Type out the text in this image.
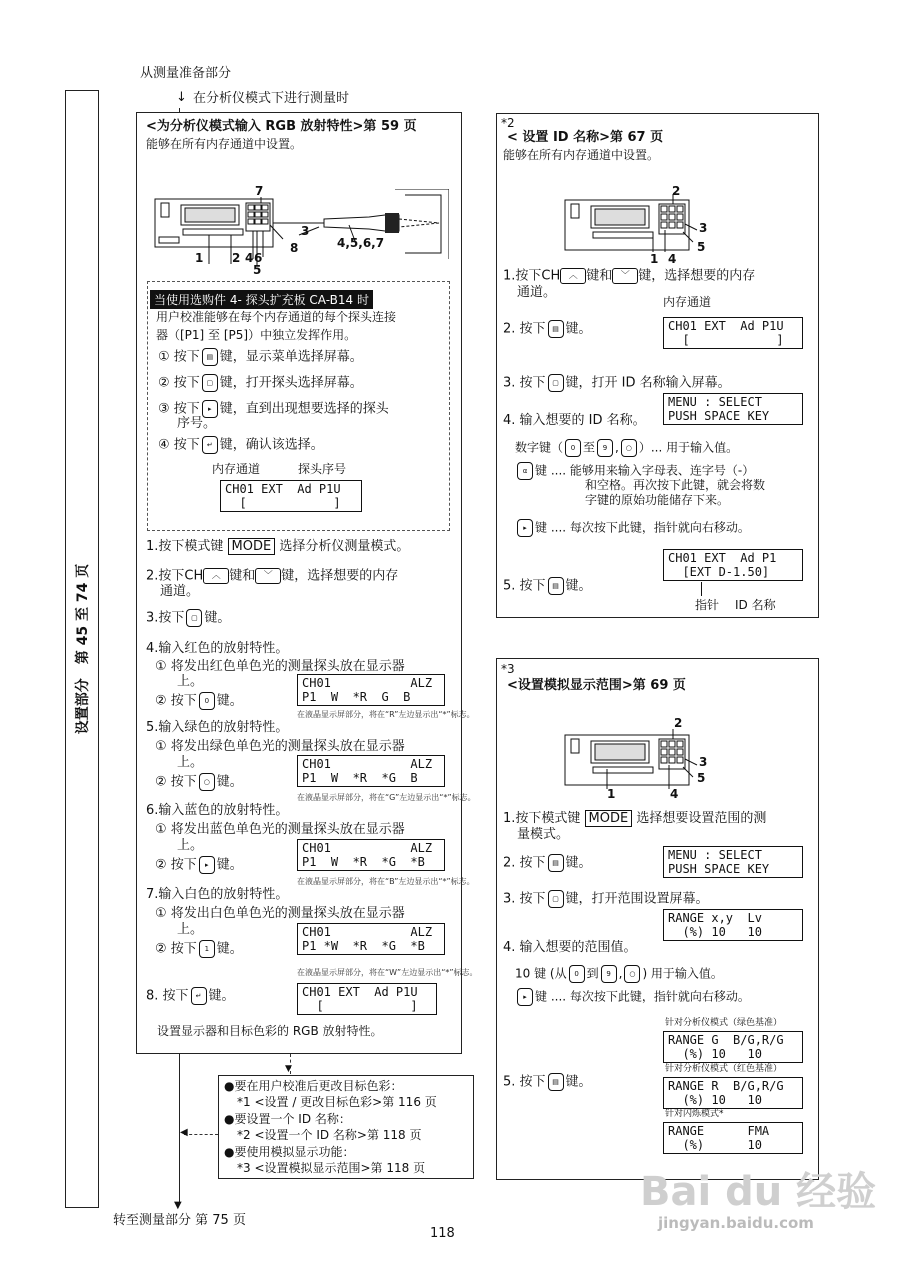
从测量准备部分
↓ 在分析仪模式下进行测量时
设置部分　第 45 至 74 页
▼
<为分析仪模式输入 RGB 放射特性>第 59 页
能够在所有内存通道中设置。
1 2 4 6
5
7
3
8	4,5,6,7
当使用选购件 4- 探头扩充板 CA-B14 时
用户校准能够在每个内存通道的每个探头连接
器（[P1] 至 [P5]）中独立发挥作用。
① 按下 ▤ 键，显示菜单选择屏幕。
② 按下 ▢ 键，打开探头选择屏幕。
③ 按下 ▸ 键，直到出现想要选择的探头
序号。
④ 按下 ↵ 键，确认该选择。
内存通道	探头序号
CH01 EXT  Ad P1U
[            ]
1.按下模式键 MODE 选择分析仪测量模式。
2.按下CH ︿ 键和 ﹀ 键，选择想要的内存
通道。
3.按下 ▢ 键。
4.输入红色的放射特性。
① 将发出红色单色光的测量探头放在显示器
上。
② 按下 0 键。
CH01           ALZ
P1  W  *R  G  B
在液晶显示屏部分，将在“R”左边显示出“*”标志。
5.输入绿色的放射特性。
① 将发出绿色单色光的测量探头放在显示器
上。
② 按下 ○ 键。
CH01           ALZ
P1  W  *R  *G  B
在液晶显示屏部分，将在“G”左边显示出“*”标志。
6.输入蓝色的放射特性。
① 将发出蓝色单色光的测量探头放在显示器
上。
② 按下 ▸ 键。
CH01           ALZ
P1  W  *R  *G  *B
在液晶显示屏部分，将在“B”左边显示出“*”标志。
7.输入白色的放射特性。
① 将发出白色单色光的测量探头放在显示器
上。
② 按下 1 键。
CH01           ALZ
P1 *W  *R  *G  *B
在液晶显示屏部分，将在“W”左边显示出“*”标志。
8. 按下 ↵ 键。	CH01 EXT  Ad P1U
[            ]
设置显示器和目标色彩的 RGB 放射特性。
▼
●要在用户校准后更改目标色彩：
*1 <设置 / 更改目标色彩>第 116 页
●要设置一个 ID 名称：
*2 <设置一个 ID 名称>第 118 页
●要使用模拟显示功能：
*3 <设置模拟显示范围>第 118 页
◀
转至测量部分 第 75 页
118
*2
< 设置 ID 名称>第 67 页
能够在所有内存通道中设置。
2
3
1 4
5
1.按下CH ︿ 键和 ﹀ 键，选择想要的内存
通道。
内存通道
2. 按下 ▤ 键。	CH01 EXT  Ad P1U
[            ]
3. 按下 ▢ 键，打开 ID 名称输入屏幕。
4. 输入想要的 ID 名称。
MENU : SELECT
PUSH SPACE KEY
数字键（ 0 至 9 , ○ ）... 用于输入值。
α 键 .... 能够用来输入字母表、连字号（-）
和空格。再次按下此键，就会将数
字键的原始功能储存下来。
▸ 键 .... 每次按下此键，指针就向右移动。
CH01 EXT  Ad P1
[EXT D-1.50]
5. 按下 ▤ 键。
指针 ID 名称
*3
<设置模拟显示范围>第 69 页
2
3
1	4
5
1.按下模式键 MODE 选择想要设置范围的测
量模式。
2. 按下 ▤ 键。
MENU : SELECT
PUSH SPACE KEY
3. 按下 ▢ 键，打开范围设置屏幕。
RANGE x,y  Lv
(%) 10   10
4. 输入想要的范围值。
10 键 (从 0 到 9 , ○ ) 用于输入值。
▸ 键 .... 每次按下此键，指针就向右移动。
针对分析仪模式（绿色基准）
RANGE G  B/G,R/G
(%) 10   10
针对分析仪模式（红色基准）
RANGE R  B/G,R/G
(%) 10   10
针对闪烁模式*
RANGE      FMA
(%)      10
5. 按下 ▤ 键。
Bai du 经验
jingyan.baidu.com
